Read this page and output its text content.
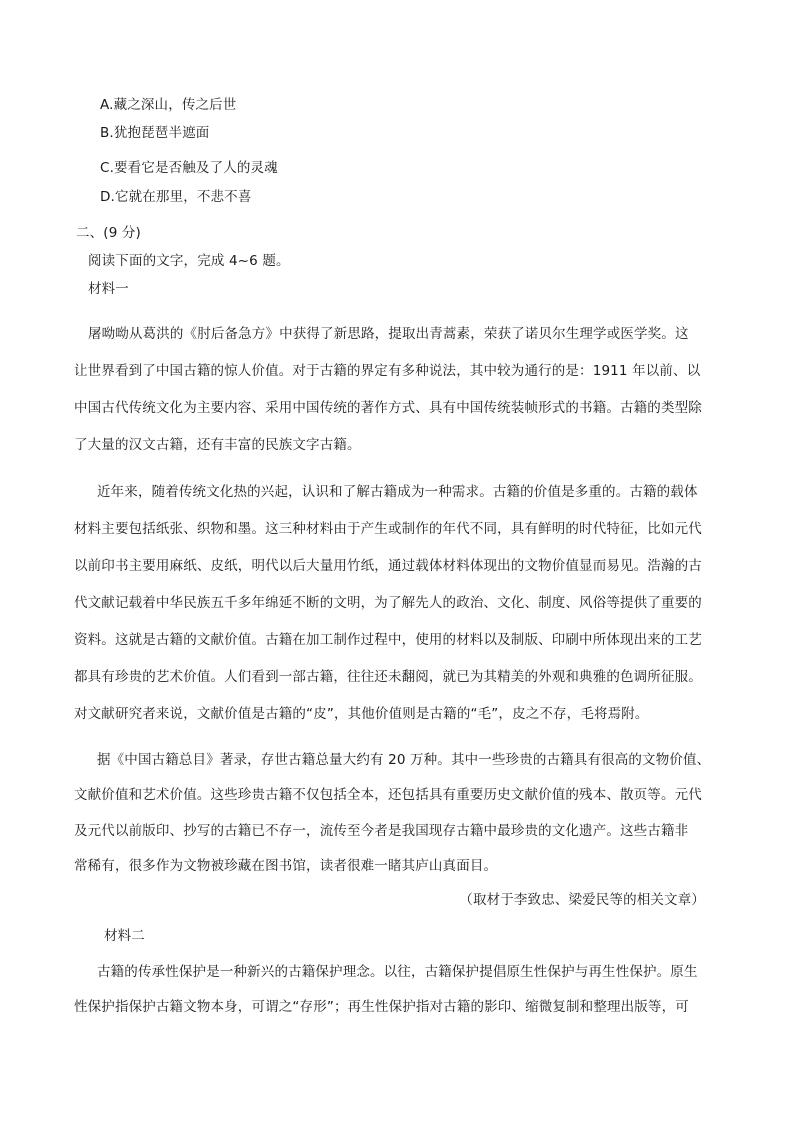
A.藏之深山，传之后世
B.犹抱琵琶半遮面
C.要看它是否触及了人的灵魂
D.它就在那里，不悲不喜
二、(9 分)
阅读下面的文字，完成 4~6 题。
材料一
屠呦呦从葛洪的《肘后备急方》中获得了新思路，提取出青蒿素，荣获了诺贝尔生理学或医学奖。这
让世界看到了中国古籍的惊人价值。对于古籍的界定有多种说法，其中较为通行的是：1911 年以前、以
中国古代传统文化为主要内容、采用中国传统的著作方式、具有中国传统装帧形式的书籍。古籍的类型除
了大量的汉文古籍，还有丰富的民族文字古籍。
近年来，随着传统文化热的兴起，认识和了解古籍成为一种需求。古籍的价值是多重的。古籍的载体
材料主要包括纸张、织物和墨。这三种材料由于产生或制作的年代不同，具有鲜明的时代特征，比如元代
以前印书主要用麻纸、皮纸，明代以后大量用竹纸，通过载体材料体现出的文物价值显而易见。浩瀚的古
代文献记载着中华民族五千多年绵延不断的文明，为了解先人的政治、文化、制度、风俗等提供了重要的
资料。这就是古籍的文献价值。古籍在加工制作过程中，使用的材料以及制版、印刷中所体现出来的工艺
都具有珍贵的艺术价值。人们看到一部古籍，往往还未翻阅，就已为其精美的外观和典雅的色调所征服。
对文献研究者来说，文献价值是古籍的“皮”，其他价值则是古籍的“毛”，皮之不存，毛将焉附。
据《中国古籍总目》著录，存世古籍总量大约有 20 万种。其中一些珍贵的古籍具有很高的文物价值、
文献价值和艺术价值。这些珍贵古籍不仅包括全本，还包括具有重要历史文献价值的残本、散页等。元代
及元代以前版印、抄写的古籍已不存一，流传至今者是我国现存古籍中最珍贵的文化遗产。这些古籍非
常稀有，很多作为文物被珍藏在图书馆，读者很难一睹其庐山真面目。
（取材于李致忠、梁爱民等的相关文章）
材料二
古籍的传承性保护是一种新兴的古籍保护理念。以往，古籍保护提倡原生性保护与再生性保护。原生
性保护指保护古籍文物本身，可谓之“存形”；再生性保护指对古籍的影印、缩微复制和整理出版等，可
